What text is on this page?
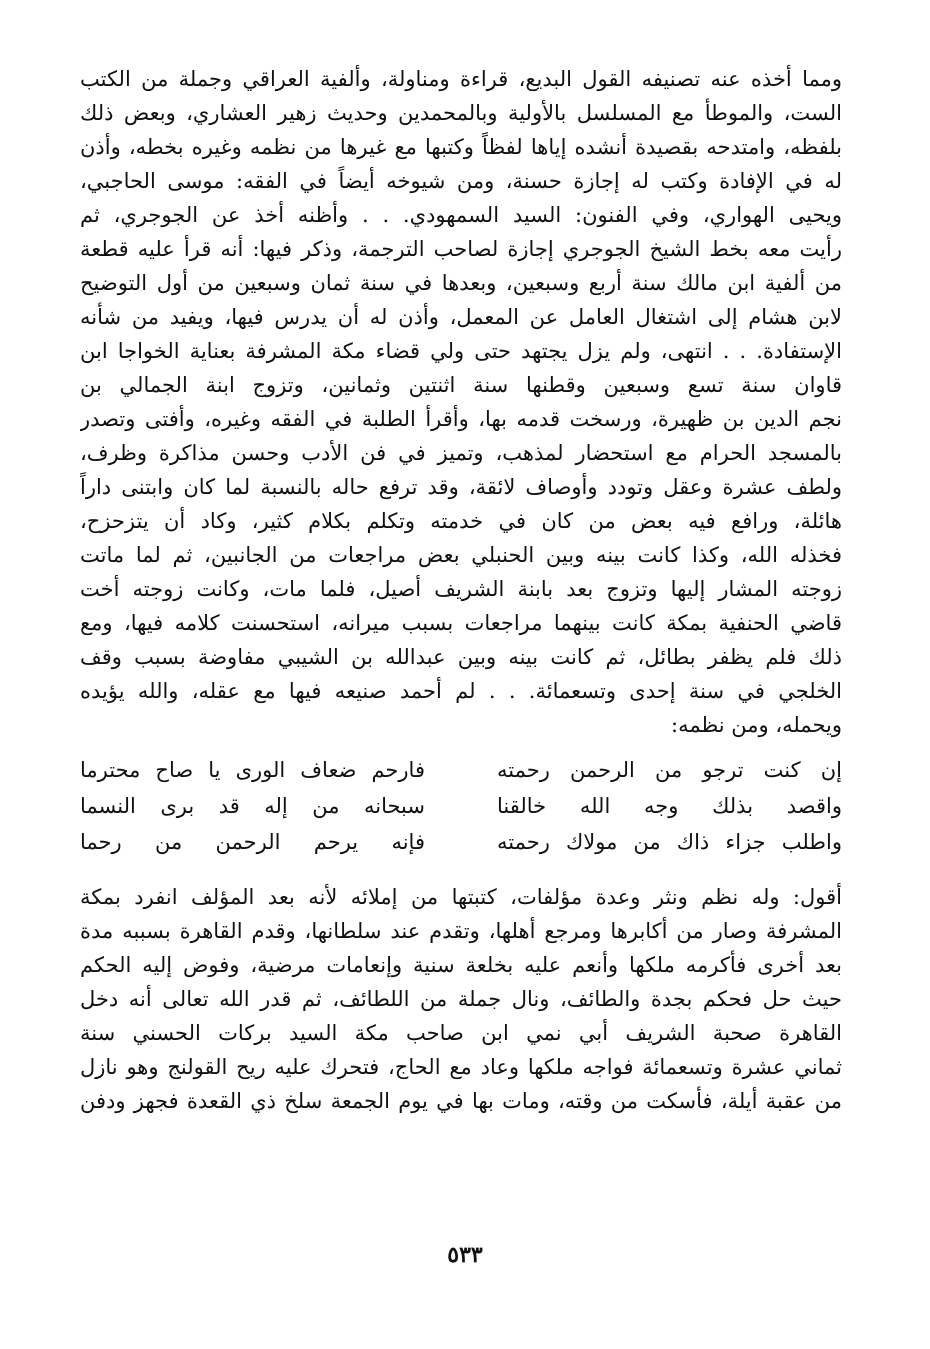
ومما أخذه عنه تصنيفه القول البديع، قراءة ومناولة، وألفية العراقي وجملة من الكتب
الست، والموطأ مع المسلسل بالأولية وبالمحمدين وحديث زهير العشاري، وبعض ذلك
بلفظه، وامتدحه بقصيدة أنشده إياها لفظاً وكتبها مع غيرها من نظمه وغيره بخطه، وأذن
له في الإفادة وكتب له إجازة حسنة، ومن شيوخه أيضاً في الفقه: موسى الحاجبي،
ويحيى الهواري، وفي الفنون: السيد السمهودي. . . وأظنه أخذ عن الجوجري، ثم
رأيت معه بخط الشيخ الجوجري إجازة لصاحب الترجمة، وذكر فيها: أنه قرأ عليه قطعة
من ألفية ابن مالك سنة أربع وسبعين، وبعدها في سنة ثمان وسبعين من أول التوضيح
لابن هشام إلى اشتغال العامل عن المعمل، وأذن له أن يدرس فيها، ويفيد من شأنه
الإستفادة. . . انتهى، ولم يزل يجتهد حتى ولي قضاء مكة المشرفة بعناية الخواجا ابن
قاوان سنة تسع وسبعين وقطنها سنة اثنتين وثمانين، وتزوج ابنة الجمالي بن
نجم الدين بن ظهيرة، ورسخت قدمه بها، وأقرأ الطلبة في الفقه وغيره، وأفتى وتصدر
بالمسجد الحرام مع استحضار لمذهب، وتميز في فن الأدب وحسن مذاكرة وظرف،
ولطف عشرة وعقل وتودد وأوصاف لائقة، وقد ترفع حاله بالنسبة لما كان وابتنى داراً
هائلة، ورافع فيه بعض من كان في خدمته وتكلم بكلام كثير، وكاد أن يتزحزح،
فخذله الله، وكذا كانت بينه وبين الحنبلي بعض مراجعات من الجانبين، ثم لما ماتت
زوجته المشار إليها وتزوج بعد بابنة الشريف أصيل، فلما مات، وكانت زوجته أخت
قاضي الحنفية بمكة كانت بينهما مراجعات بسبب ميرانه، استحسنت كلامه فيها، ومع
ذلك فلم يظفر بطائل، ثم كانت بينه وبين عبدالله بن الشيبي مفاوضة بسبب وقف
الخلجي في سنة إحدى وتسعمائة. . . لم أحمد صنيعه فيها مع عقله، والله يؤيده
ويحمله، ومن نظمه:
إن كنت ترجو من الرحمن رحمته
فارحم ضعاف الورى يا صاح محترما
واقصد بذلك وجه الله خالقنا
سبحانه من إله قد برى النسما
واطلب جزاء ذاك من مولاك رحمته
فإنه يرحم الرحمن من رحما
أقول: وله نظم ونثر وعدة مؤلفات، كتبتها من إملائه لأنه بعد المؤلف انفرد بمكة
المشرفة وصار من أكابرها ومرجع أهلها، وتقدم عند سلطانها، وقدم القاهرة بسببه مدة
بعد أخرى فأكرمه ملكها وأنعم عليه بخلعة سنية وإنعامات مرضية، وفوض إليه الحكم
حيث حل فحكم بجدة والطائف، ونال جملة من اللطائف، ثم قدر الله تعالى أنه دخل
القاهرة صحبة الشريف أبي نمي ابن صاحب مكة السيد بركات الحسني سنة
ثماني عشرة وتسعمائة فواجه ملكها وعاد مع الحاج، فتحرك عليه ريح القولنج وهو نازل
من عقبة أيلة، فأسكت من وقته، ومات بها في يوم الجمعة سلخ ذي القعدة فجهز ودفن
٥٣٣
